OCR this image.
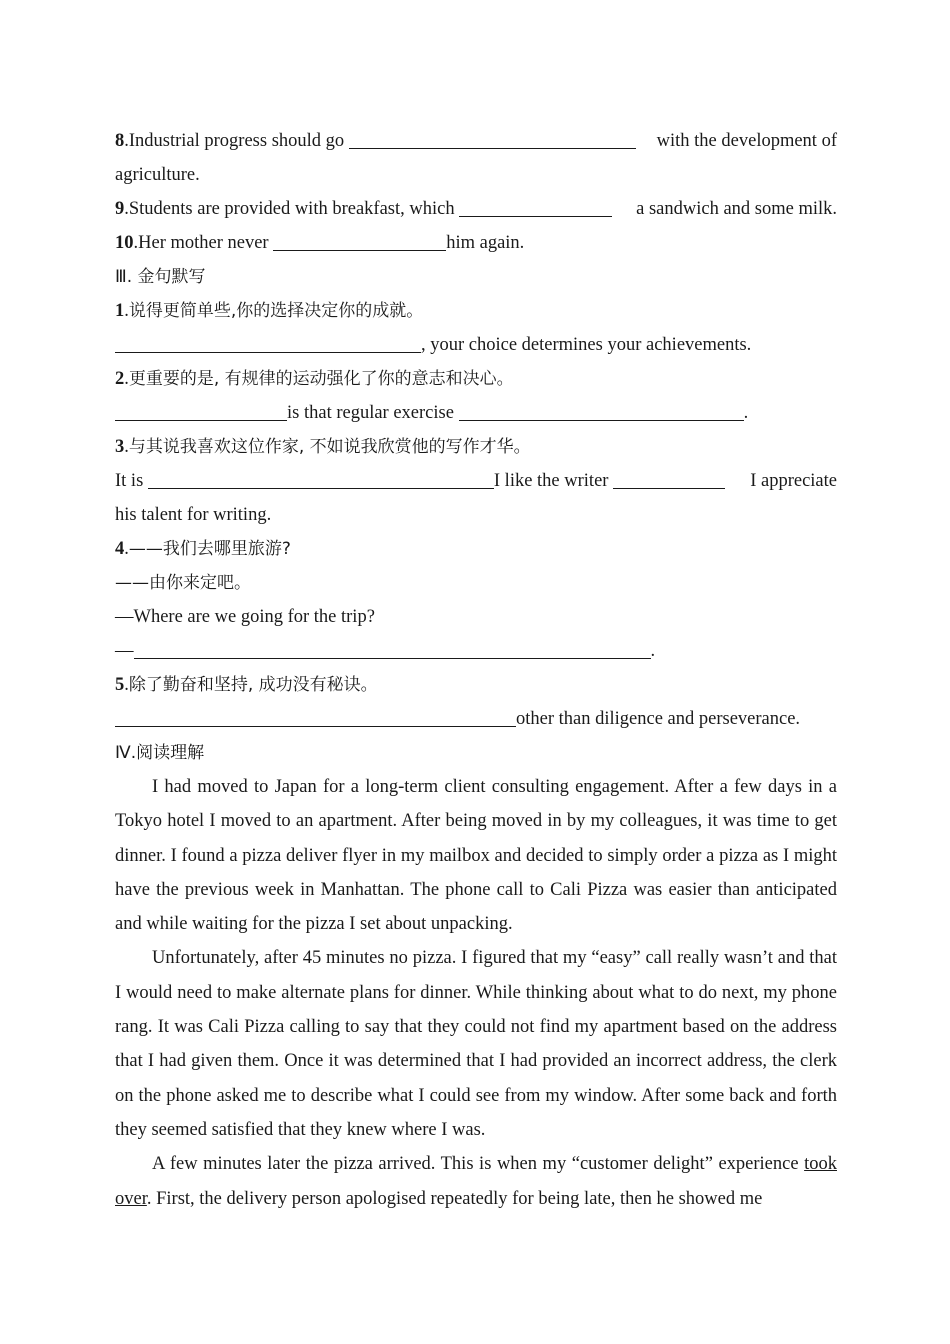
8.Industrial progress should go	with the development of
agriculture.
9.Students are provided with breakfast, which	a sandwich and some milk.
10.Her mother never	him again.
Ⅲ. 金句默写
1.说得更简单些,你的选择决定你的成就。
, your choice determines your achievements.
2.更重要的是, 有规律的运动强化了你的意志和决心。
is that regular exercise	.
3.与其说我喜欢这位作家, 不如说我欣赏他的写作才华。
It is	I like the writer	I appreciate
his talent for writing.
4.——我们去哪里旅游?
——由你来定吧。
—Where are we going for the trip?
—	.
5.除了勤奋和坚持, 成功没有秘诀。
other than diligence and perseverance.
Ⅳ.阅读理解

I had moved to Japan for a long-term client consulting engagement. After a few days in a Tokyo hotel I moved to an apartment. After being moved in by my colleagues, it was time to get dinner. I found a pizza deliver flyer in my mailbox and decided to simply order a pizza as I might have the previous week in Manhattan. The phone call to Cali Pizza was easier than anticipated and while waiting for the pizza I set about unpacking.

Unfortunately, after 45 minutes no pizza. I figured that my “easy” call really wasn’t and that I would need to make alternate plans for dinner. While thinking about what to do next, my phone rang. It was Cali Pizza calling to say that they could not find my apartment based on the address that I had given them. Once it was determined that I had provided an incorrect address, the clerk on the phone asked me to describe what I could see from my window. After some back and forth they seemed satisfied that they knew where I was.

A few minutes later the pizza arrived. This is when my “customer delight” experience took over. First, the delivery person apologised repeatedly for being late, then he showed me
